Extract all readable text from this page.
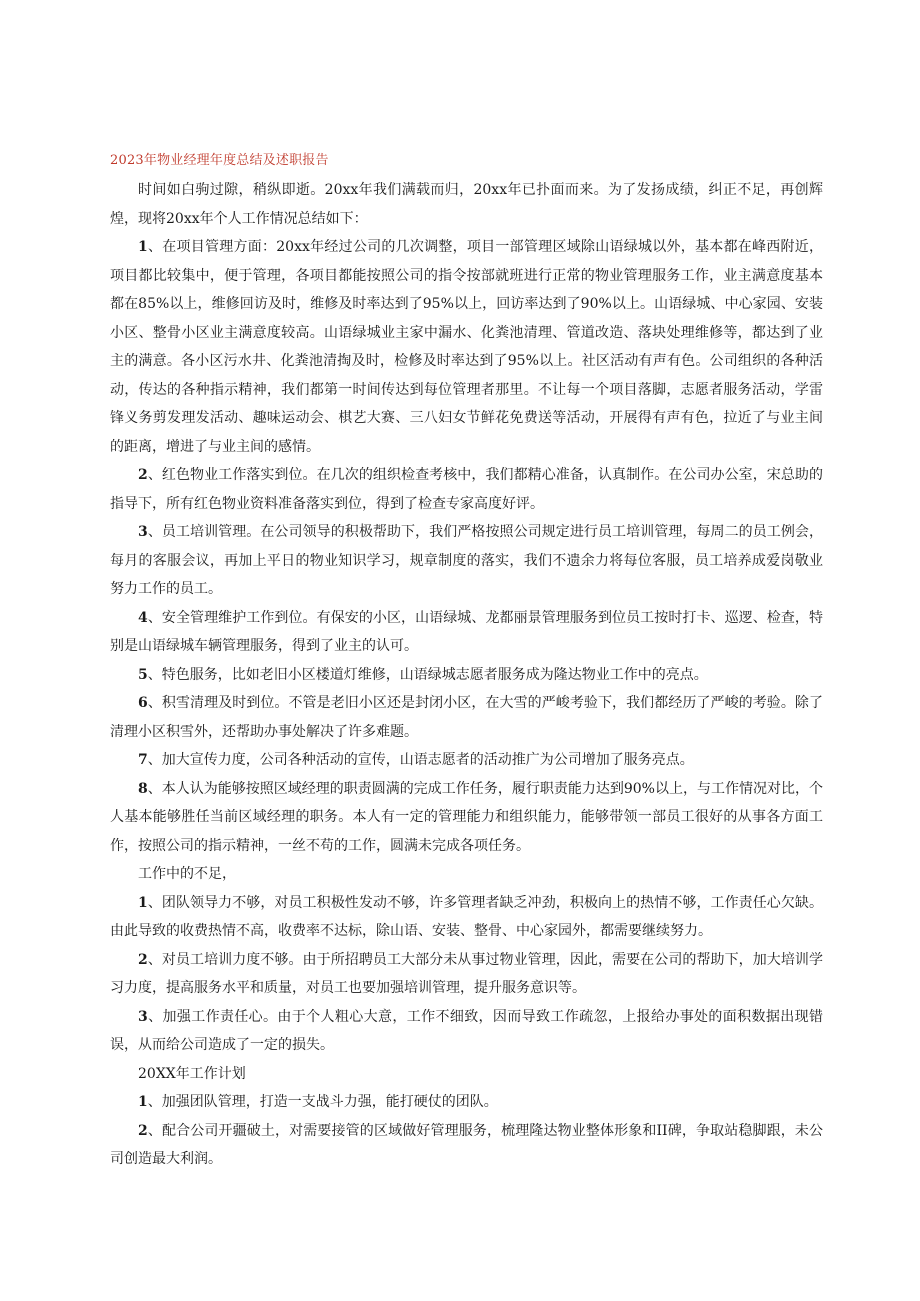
2023年物业经理年度总结及述职报告

时间如白驹过隙，稍纵即逝。20xx年我们满载而归，20xx年已扑面而来。为了发扬成绩，纠正不足，再创辉煌，现将20xx年个人工作情况总结如下：

1、在项目管理方面：20xx年经过公司的几次调整，项目一部管理区域除山语绿城以外，基本都在峰西附近，项目都比较集中，便于管理，各项目都能按照公司的指令按部就班进行正常的物业管理服务工作，业主满意度基本都在85%以上，维修回访及时，维修及时率达到了95%以上，回访率达到了90%以上。山语绿城、中心家园、安装小区、整骨小区业主满意度较高。山语绿城业主家中漏水、化粪池清理、管道改造、落块处理维修等，都达到了业主的满意。各小区污水井、化粪池清掏及时，检修及时率达到了95%以上。社区活动有声有色。公司组织的各种活动，传达的各种指示精神，我们都第一时间传达到每位管理者那里。不让每一个项目落脚，志愿者服务活动，学雷锋义务剪发理发活动、趣味运动会、棋艺大赛、三八妇女节鲜花免费送等活动，开展得有声有色，拉近了与业主间的距离，增进了与业主间的感情。

2、红色物业工作落实到位。在几次的组织检查考核中，我们都精心准备，认真制作。在公司办公室，宋总助的指导下，所有红色物业资料准备落实到位，得到了检查专家高度好评。

3、员工培训管理。在公司领导的积极帮助下，我们严格按照公司规定进行员工培训管理，每周二的员工例会，每月的客服会议，再加上平日的物业知识学习，规章制度的落实，我们不遗余力将每位客服，员工培养成爱岗敬业努力工作的员工。

4、安全管理维护工作到位。有保安的小区，山语绿城、龙都丽景管理服务到位员工按时打卡、巡逻、检查，特别是山语绿城车辆管理服务，得到了业主的认可。

5、特色服务，比如老旧小区楼道灯维修，山语绿城志愿者服务成为隆达物业工作中的亮点。

6、积雪清理及时到位。不管是老旧小区还是封闭小区，在大雪的严峻考验下，我们都经历了严峻的考验。除了清理小区积雪外，还帮助办事处解决了许多难题。

7、加大宣传力度，公司各种活动的宣传，山语志愿者的活动推广为公司增加了服务亮点。

8、本人认为能够按照区域经理的职责圆满的完成工作任务，履行职责能力达到90%以上，与工作情况对比，个人基本能够胜任当前区域经理的职务。本人有一定的管理能力和组织能力，能够带领一部员工很好的从事各方面工作，按照公司的指示精神，一丝不苟的工作，圆满未完成各项任务。

工作中的不足，

1、团队领导力不够，对员工积极性发动不够，许多管理者缺乏冲劲，积极向上的热情不够，工作责任心欠缺。由此导致的收费热情不高，收费率不达标，除山语、安装、整骨、中心家园外，都需要继续努力。

2、对员工培训力度不够。由于所招聘员工大部分未从事过物业管理，因此，需要在公司的帮助下，加大培训学习力度，提高服务水平和质量，对员工也要加强培训管理，提升服务意识等。

3、加强工作责任心。由于个人粗心大意，工作不细致，因而导致工作疏忽，上报给办事处的面积数据出现错误，从而给公司造成了一定的损失。

20XX年工作计划

1、加强团队管理，打造一支战斗力强，能打硬仗的团队。

2、配合公司开疆破土，对需要接管的区域做好管理服务，梳理隆达物业整体形象和II碑，争取站稳脚跟，未公司创造最大利润。
